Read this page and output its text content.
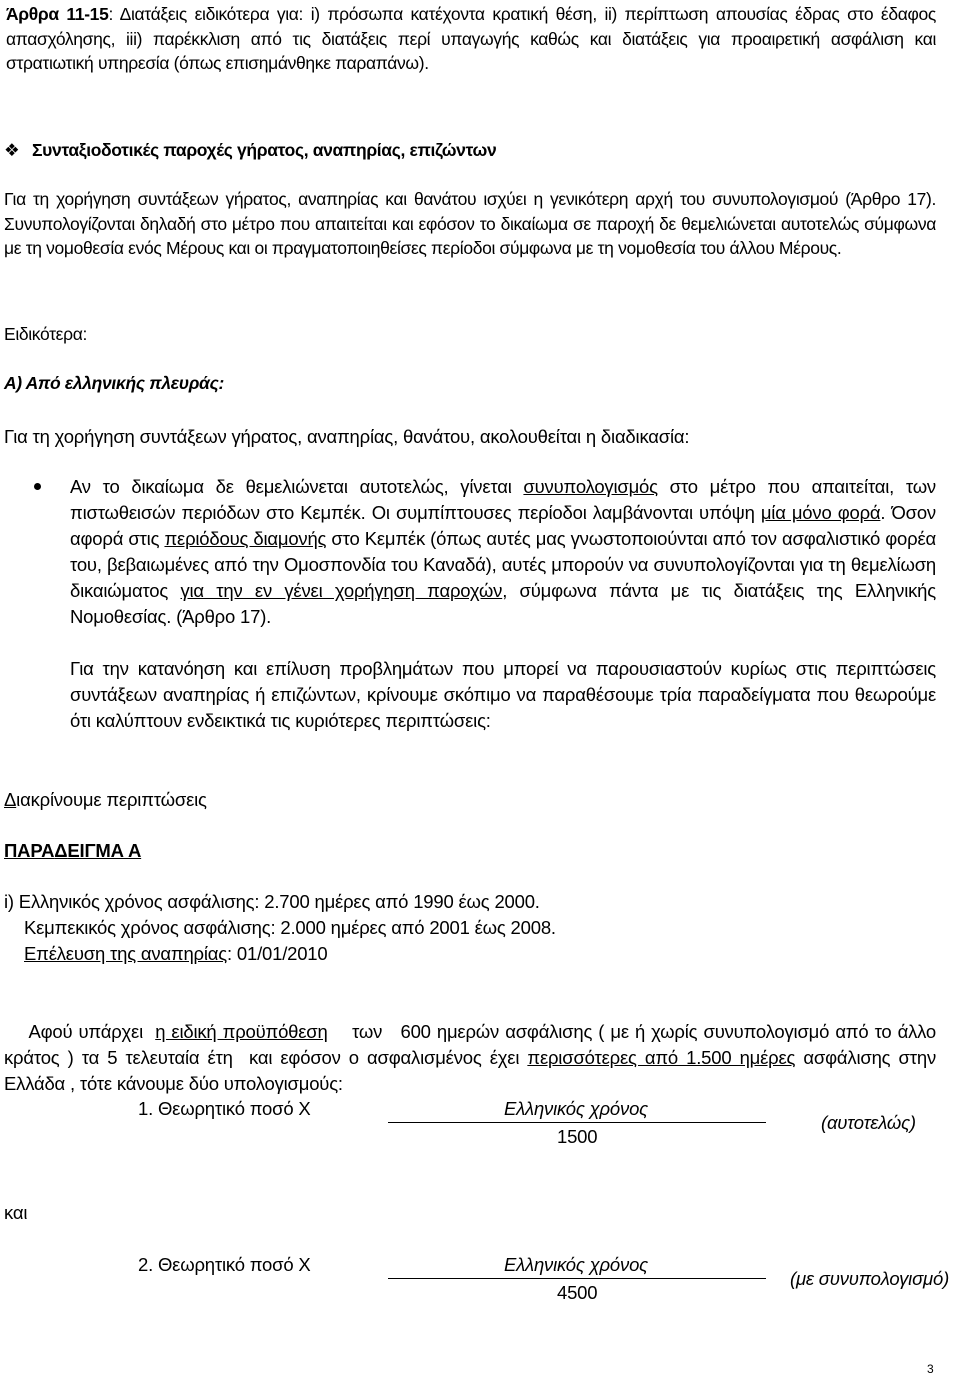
Άρθρα 11-15: Διατάξεις ειδικότερα για: i) πρόσωπα κατέχοντα κρατική θέση, ii) περίπτωση απουσίας έδρας στο έδαφος απασχόλησης, iii) παρέκκλιση από τις διατάξεις περί υπαγωγής καθώς και διατάξεις για προαιρετική ασφάλιση και στρατιωτική υπηρεσία (όπως επισημάνθηκε παραπάνω).
❖ Συνταξιοδοτικές παροχές γήρατος, αναπηρίας, επιζώντων
Για τη χορήγηση συντάξεων γήρατος, αναπηρίας και θανάτου ισχύει η γενικότερη αρχή του συνυπολογισμού (Άρθρο 17). Συνυπολογίζονται δηλαδή στο μέτρο που απαιτείται και εφόσον το δικαίωμα σε παροχή δε θεμελιώνεται αυτοτελώς σύμφωνα με τη νομοθεσία ενός Μέρους και οι πραγματοποιηθείσες περίοδοι σύμφωνα με τη νομοθεσία του άλλου Μέρους.
Ειδικότερα:
Α) Από ελληνικής πλευράς:
Για τη χορήγηση συντάξεων γήρατος, αναπηρίας, θανάτου, ακολουθείται η διαδικασία:
Αν το δικαίωμα δε θεμελιώνεται αυτοτελώς, γίνεται συνυπολογισμός στο μέτρο που απαιτείται, των πιστωθεισών περιόδων στο Κεμπέκ. Οι συμπίπτουσες περίοδοι λαμβάνονται υπόψη μία μόνο φορά. Όσον αφορά στις περιόδους διαμονής στο Κεμπέκ (όπως αυτές μας γνωστοποιούνται από τον ασφαλιστικό φορέα του, βεβαιωμένες από την Ομοσπονδία του Καναδά), αυτές μπορούν να συνυπολογίζονται για τη θεμελίωση δικαιώματος για την εν γένει χορήγηση παροχών, σύμφωνα πάντα με τις διατάξεις της Ελληνικής Νομοθεσίας. (Άρθρο 17).
Για την κατανόηση και επίλυση προβλημάτων που μπορεί να παρουσιαστούν κυρίως στις περιπτώσεις συντάξεων αναπηρίας ή επιζώντων, κρίνουμε σκόπιμο να παραθέσουμε τρία παραδείγματα που θεωρούμε ότι καλύπτουν ενδεικτικά τις κυριότερες περιπτώσεις:
Διακρίνουμε περιπτώσεις
ΠΑΡΑΔΕΙΓΜΑ Α
i) Ελληνικός χρόνος ασφάλισης: 2.700 ημέρες από 1990 έως 2000.
Κεμπεκικός χρόνος ασφάλισης: 2.000 ημέρες από 2001 έως 2008.
Επέλευση της αναπηρίας: 01/01/2010

Αφού υπάρχει  η ειδική προϋπόθεση    των   600 ημερών ασφάλισης ( με ή χωρίς συνυπολογισμό από το άλλο κράτος ) τα 5 τελευταία έτη  και εφόσον ο ασφαλισμένος έχει περισσότερες από 1.500 ημέρες ασφάλισης στην Ελλάδα , τότε κάνουμε δύο υπολογισμούς:

1. Θεωρητικό ποσό Χ	Ελληνικός χρόνος
1500
(αυτοτελώς)
και
2. Θεωρητικό ποσό Χ	Ελληνικός χρόνος
4500
(με συνυπολογισμό)
3
